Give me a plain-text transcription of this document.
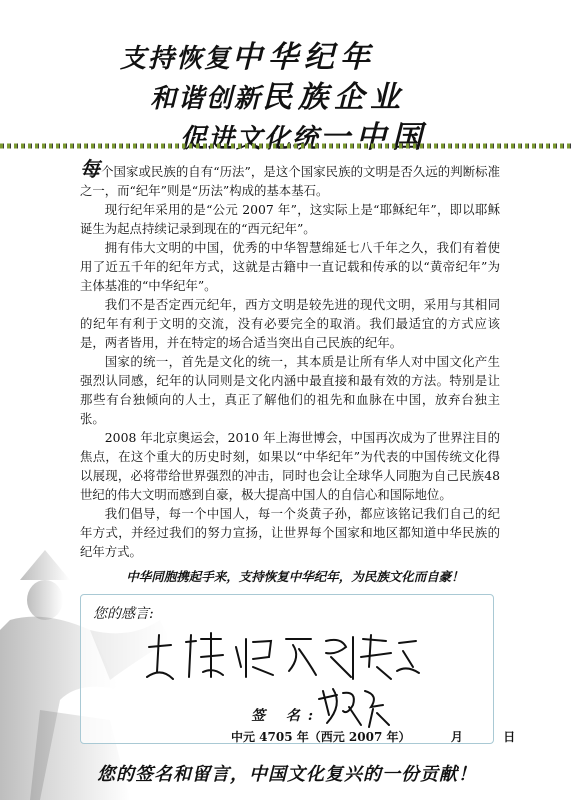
支持恢复中华纪年
和谐创新民族企业
促进文化统一中国

每个国家或民族的自有“历法”，是这个国家民族的文明是否久远的判断标准之一，而“纪年”则是“历法”构成的基本基石。

现行纪年采用的是“公元 2007 年”，这实际上是“耶稣纪年”，即以耶稣诞生为起点持续记录到现在的“西元纪年”。

拥有伟大文明的中国，优秀的中华智慧绵延七八千年之久，我们有着使用了近五千年的纪年方式，这就是古籍中一直记载和传承的以“黄帝纪年”为主体基准的“中华纪年”。

我们不是否定西元纪年，西方文明是较先进的现代文明，采用与其相同的纪年有利于文明的交流，没有必要完全的取消。我们最适宜的方式应该是，两者皆用，并在特定的场合适当突出自己民族的纪年。

国家的统一，首先是文化的统一，其本质是让所有华人对中国文化产生强烈认同感，纪年的认同则是文化内涵中最直接和最有效的方法。特别是让那些有台独倾向的人士，真正了解他们的祖先和血脉在中国，放弃台独主张。

2008 年北京奥运会，2010 年上海世博会，中国再次成为了世界注目的焦点，在这个重大的历史时刻，如果以“中华纪年”为代表的中国传统文化得以展现，必将带给世界强烈的冲击，同时也会让全球华人同胞为自己民族48世纪的伟大文明而感到自豪，极大提高中国人的自信心和国际地位。

我们倡导，每一个中国人，每一个炎黄子孙，都应该铭记我们自己的纪年方式，并经过我们的努力宣扬，让世界每个国家和地区都知道中华民族的纪年方式。

中华同胞携起手来，支持恢复中华纪年，为民族文化而自豪！
您的感言:
签 名:
中元 4705 年（西元 2007 年）	月	日
您的签名和留言，中国文化复兴的一份贡献！
